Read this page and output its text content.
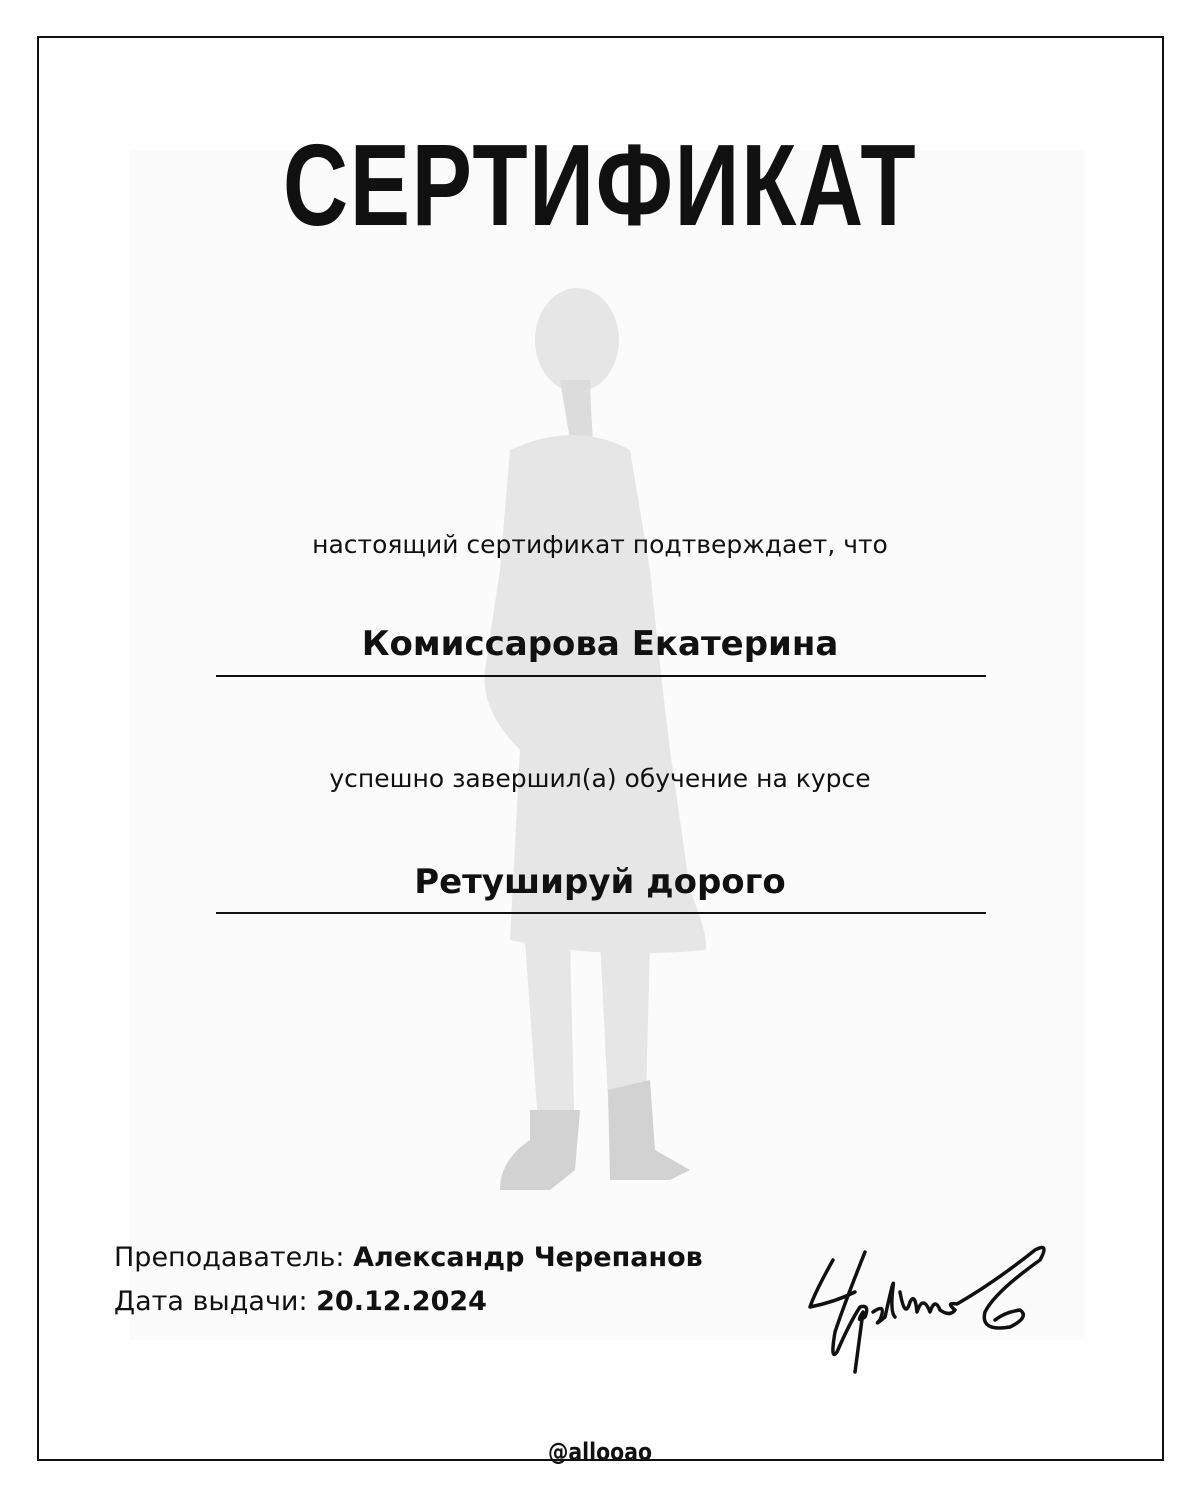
СЕРТИФИКАТ
настоящий сертификат подтверждает, что
Комиссарова Екатерина
успешно завершил(а) обучение на курсе
Ретушируй дорого
Преподаватель: Александр Черепанов
Дата выдачи: 20.12.2024
@allooao
